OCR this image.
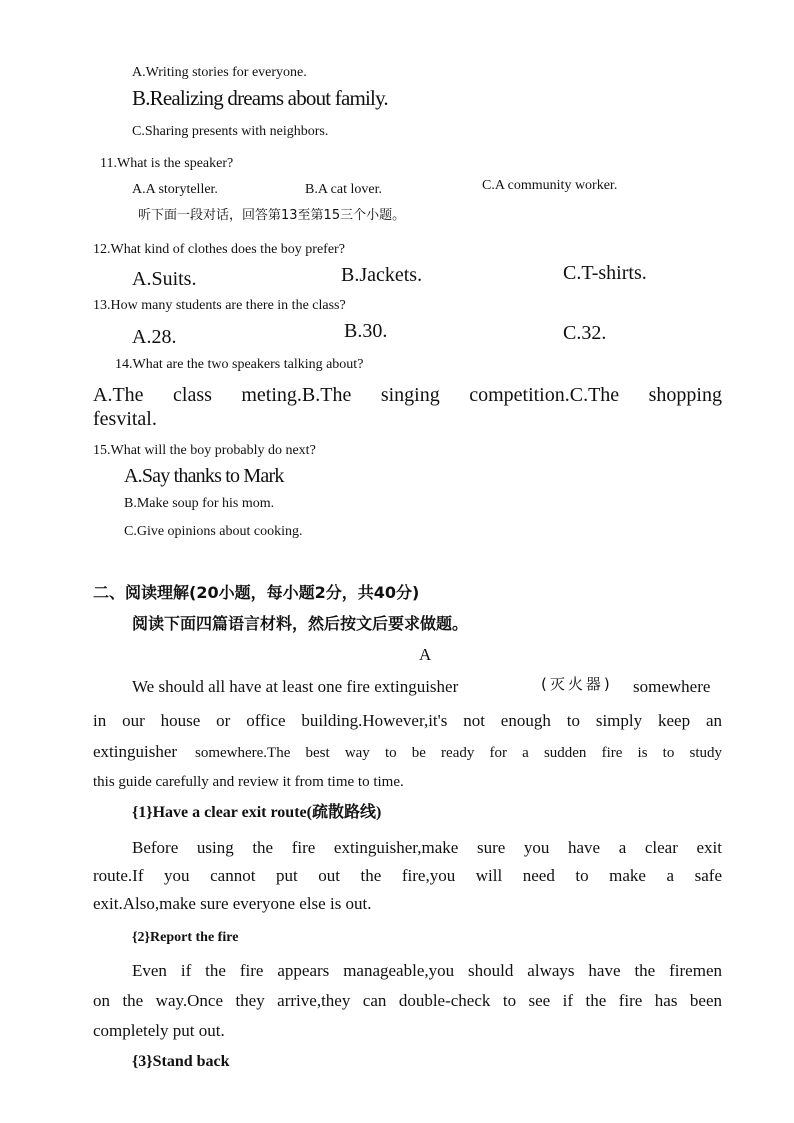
A.Writing stories for everyone.
B.Realizing dreams about family.
C.Sharing presents with neighbors.
11.What is the speaker?
A.A storyteller.	B.A cat lover.	C.A community worker.
听下面一段对话，回答第13至第15三个小题。
12.What kind of clothes does the boy prefer?
A.Suits.	B.Jackets.	C.T-shirts.
13.How many students are there in the class?
A.28.	B.30.	C.32.
14.What are the two speakers talking about?
A.The class meting.B.The singing competition.C.The shopping
fesvital.
15.What will the boy probably do next?
A.Say thanks to Mark
B.Make soup for his mom.
C.Give opinions about cooking.
二、阅读理解(20小题，每小题2分，共40分)
阅读下面四篇语言材料，然后按文后要求做题。
A
We should all have at least one fire extinguisher	(灭火器) somewhere
in our house or office building.However,it's not enough to simply keep an
extinguisher somewhere.The best way to be ready for a sudden fire is to study
this guide carefully and review it from time to time.
{1}Have a clear exit route(疏散路线)
Before using the fire extinguisher,make sure you have a clear exit
route.If you cannot put out the fire,you will need to make a safe
exit.Also,make sure everyone else is out.
{2}Report the fire
Even if the fire appears manageable,you should always have the firemen
on the way.Once they arrive,they can double-check to see if the fire has been
completely put out.
{3}Stand back
